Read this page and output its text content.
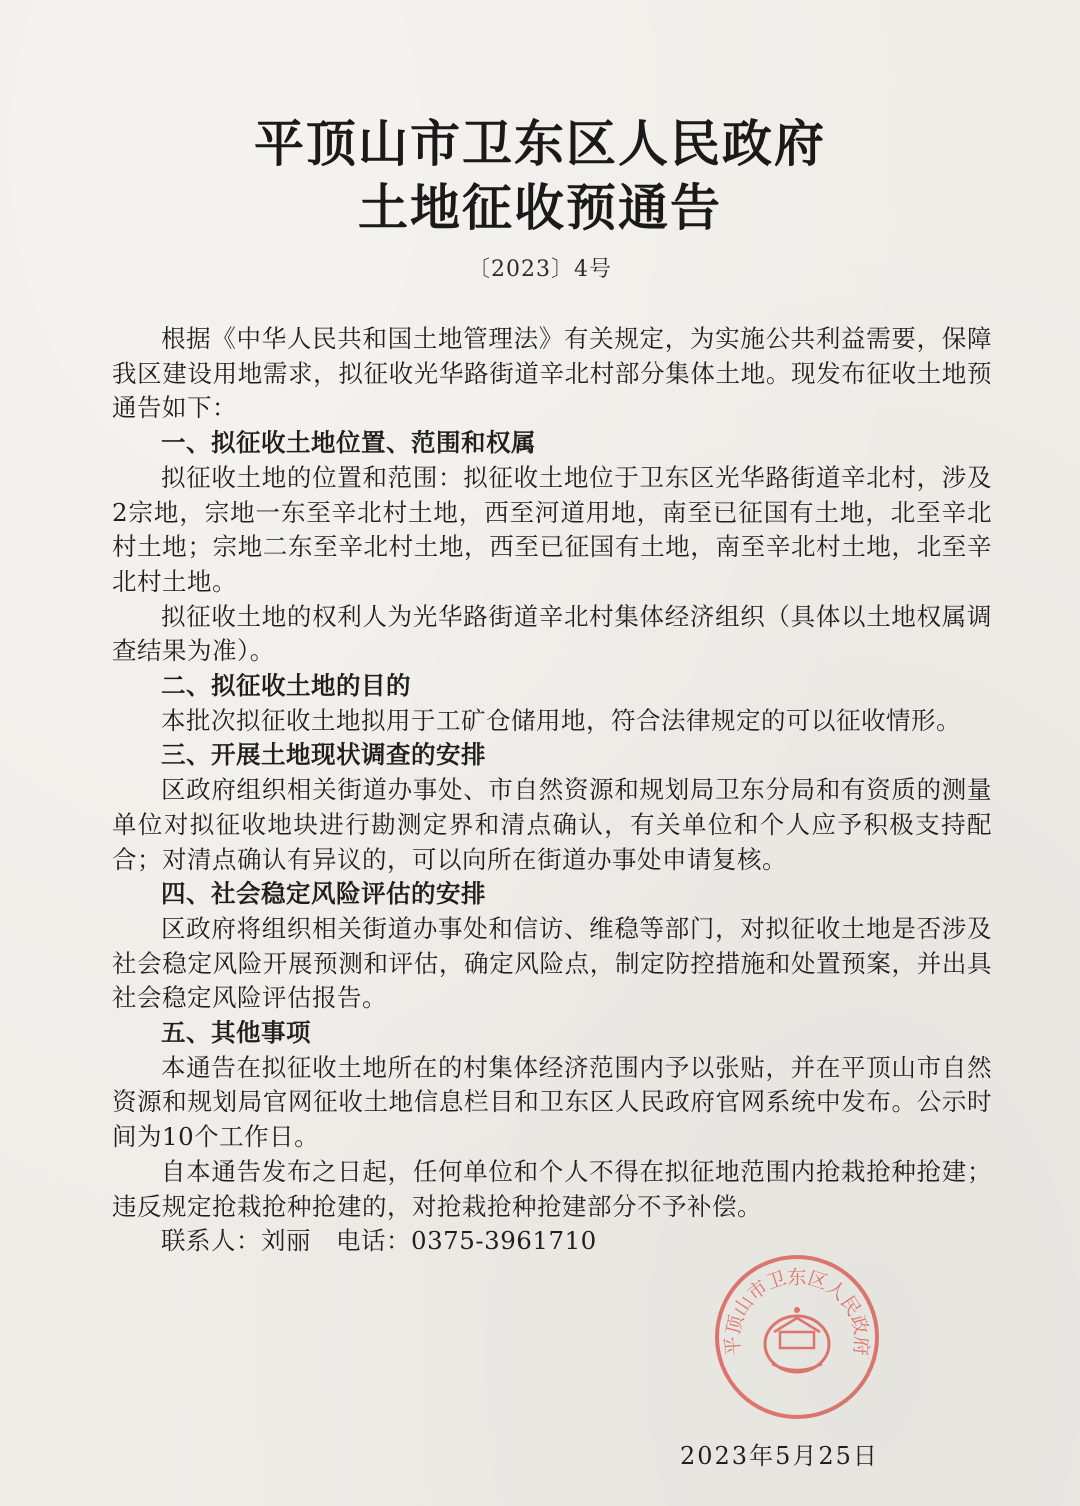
平顶山市卫东区人民政府
土地征收预通告
〔2023〕4号

根据《中华人民共和国土地管理法》有关规定，为实施公共利益需要，保障我区建设用地需求，拟征收光华路街道辛北村部分集体土地。现发布征收土地预通告如下：

一、拟征收土地位置、范围和权属

拟征收土地的位置和范围：拟征收土地位于卫东区光华路街道辛北村，涉及2宗地，宗地一东至辛北村土地，西至河道用地，南至已征国有土地，北至辛北村土地；宗地二东至辛北村土地，西至已征国有土地，南至辛北村土地，北至辛北村土地。

拟征收土地的权利人为光华路街道辛北村集体经济组织（具体以土地权属调查结果为准）。

二、拟征收土地的目的

本批次拟征收土地拟用于工矿仓储用地，符合法律规定的可以征收情形。

三、开展土地现状调查的安排

区政府组织相关街道办事处、市自然资源和规划局卫东分局和有资质的测量单位对拟征收地块进行勘测定界和清点确认，有关单位和个人应予积极支持配合；对清点确认有异议的，可以向所在街道办事处申请复核。

四、社会稳定风险评估的安排

区政府将组织相关街道办事处和信访、维稳等部门，对拟征收土地是否涉及社会稳定风险开展预测和评估，确定风险点，制定防控措施和处置预案，并出具社会稳定风险评估报告。

五、其他事项

本通告在拟征收土地所在的村集体经济范围内予以张贴，并在平顶山市自然资源和规划局官网征收土地信息栏目和卫东区人民政府官网系统中发布。公示时间为10个工作日。

自本通告发布之日起，任何单位和个人不得在拟征地范围内抢栽抢种抢建；违反规定抢栽抢种抢建的，对抢栽抢种抢建部分不予补偿。

联系人：刘丽　电话：0375-3961710

平顶山市卫东区人民政府
2023年5月25日
